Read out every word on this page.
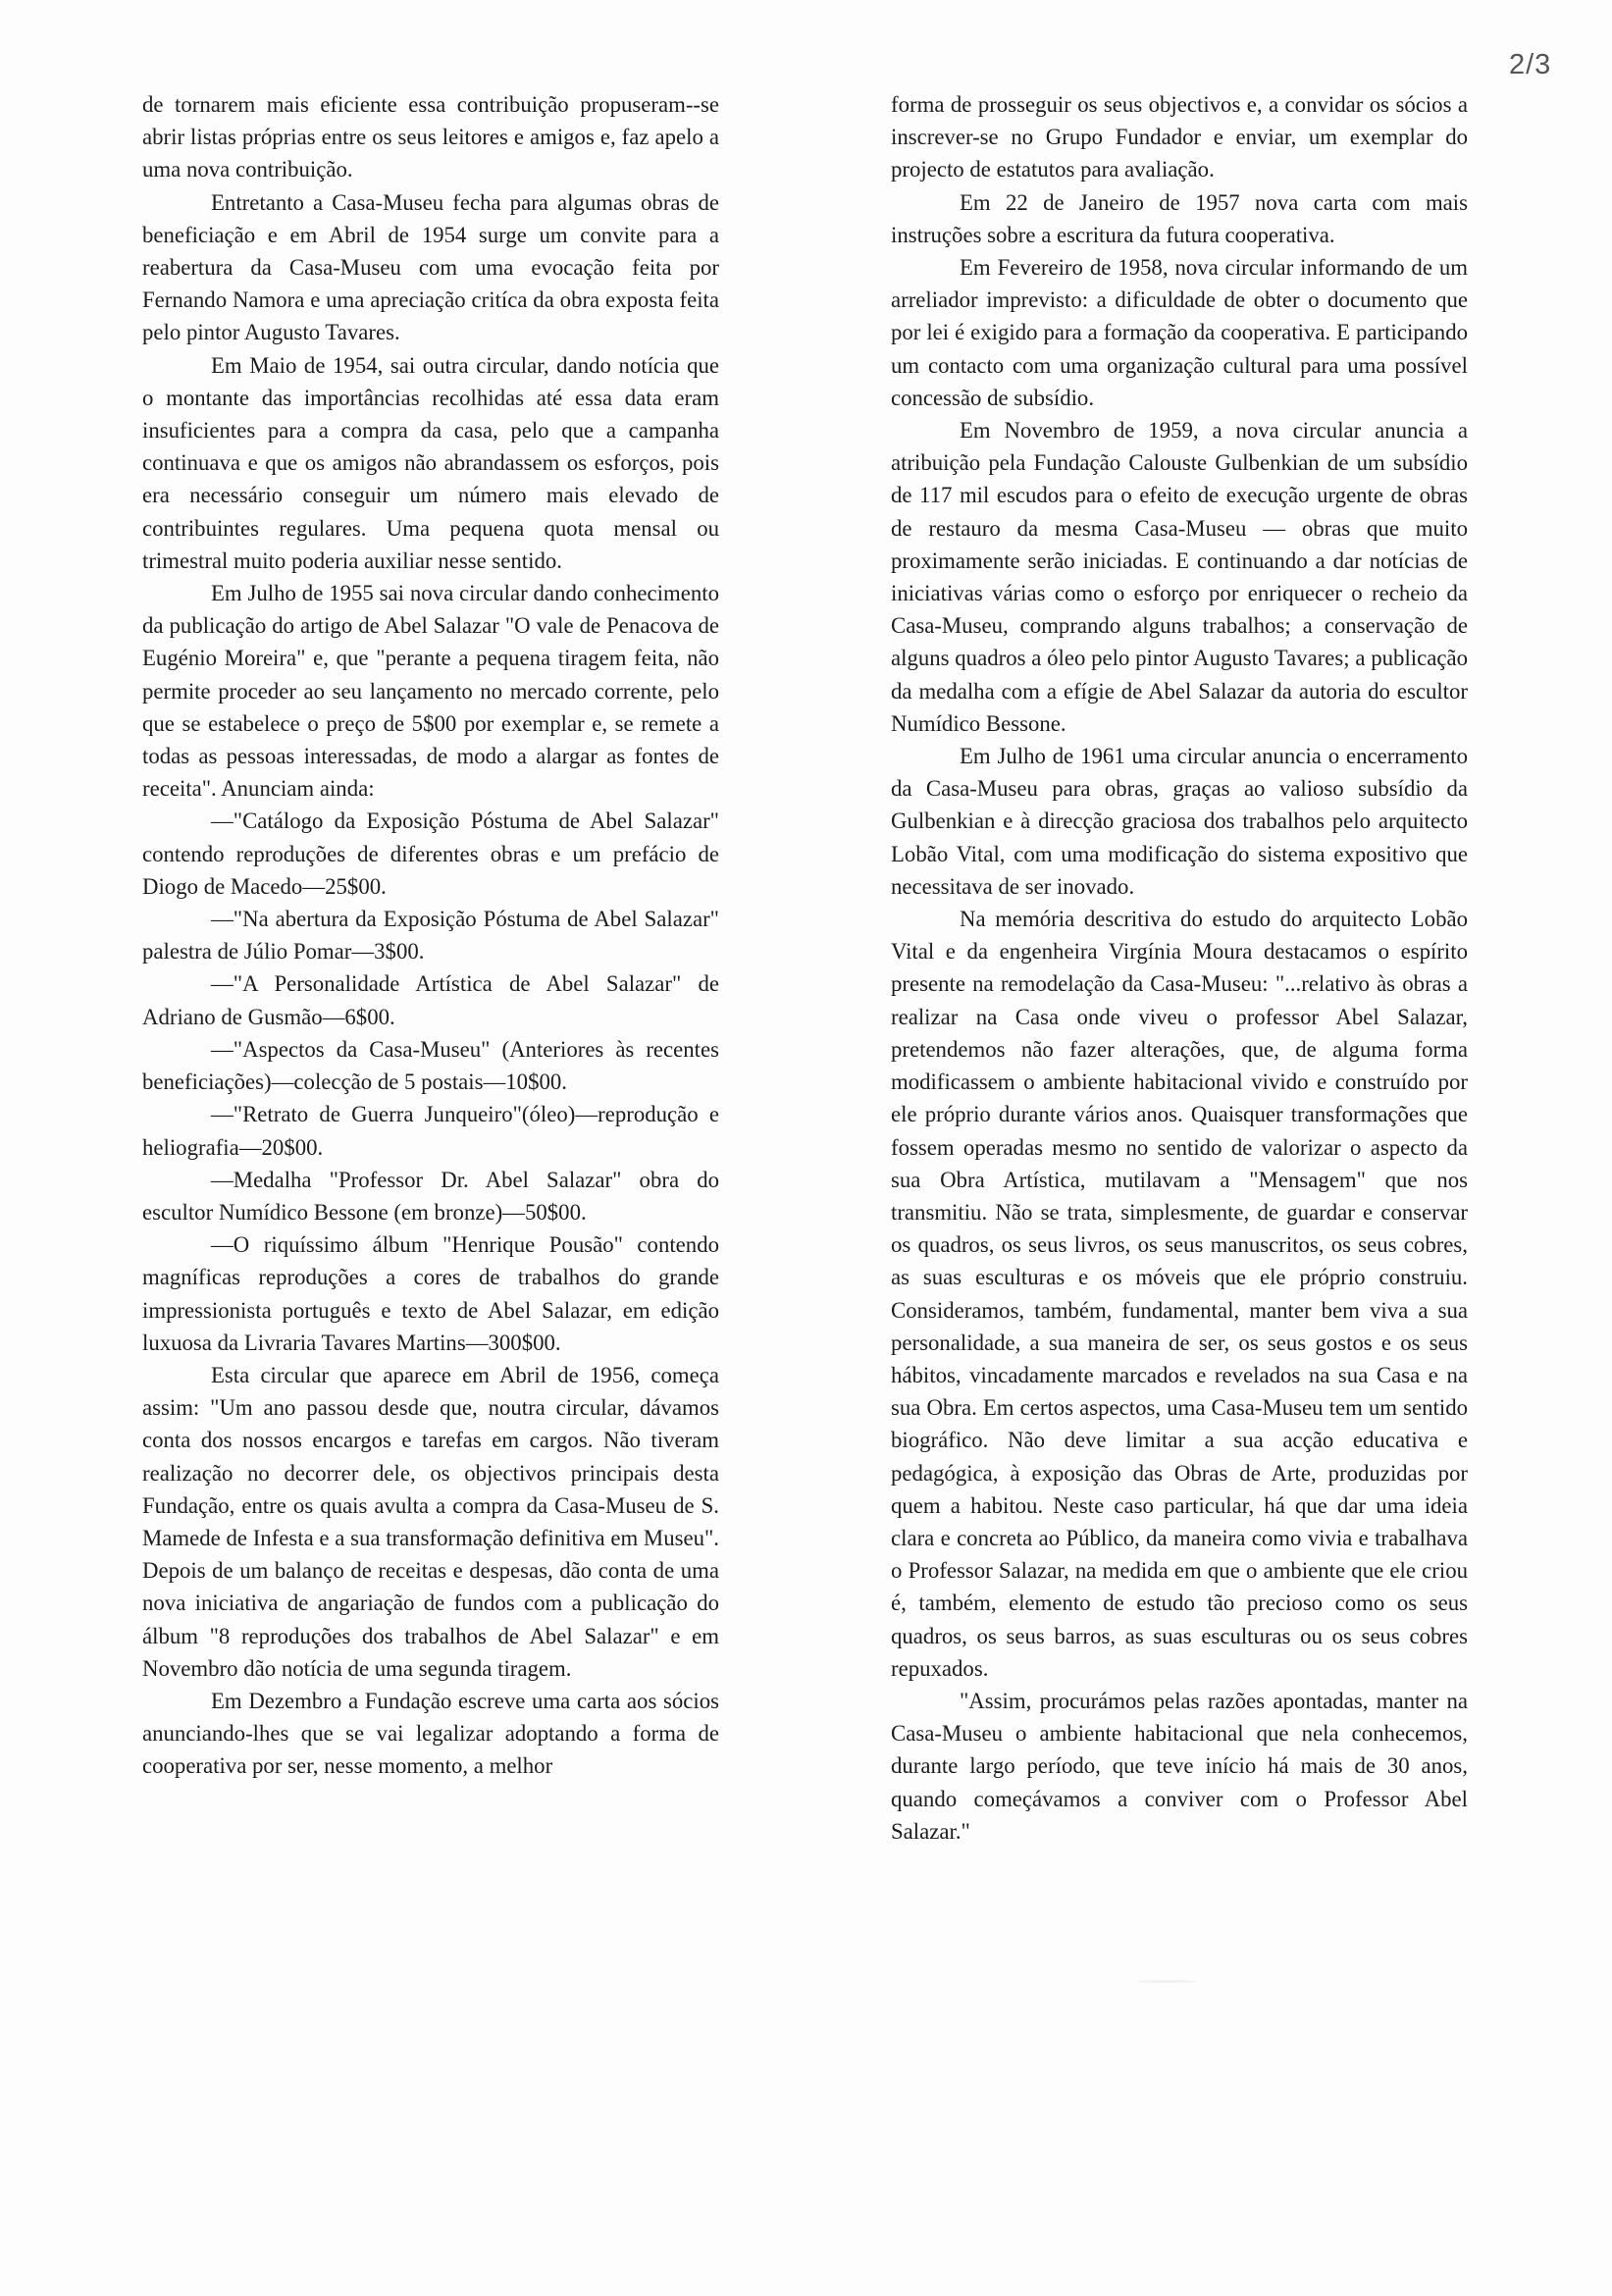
2/3

de tornarem mais eficiente essa contribuição propuseram--se abrir listas próprias entre os seus leitores e amigos e, faz apelo a uma nova contribuição.

Entretanto a Casa-Museu fecha para algumas obras de beneficiação e em Abril de 1954 surge um convite para a reabertura da Casa-Museu com uma evocação feita por Fernando Namora e uma apreciação critíca da obra exposta feita pelo pintor Augusto Tavares.

Em Maio de 1954, sai outra circular, dando notícia que o montante das importâncias recolhidas até essa data eram insuficientes para a compra da casa, pelo que a campanha continuava e que os amigos não abrandassem os esforços, pois era necessário conseguir um número mais elevado de contribuintes regulares. Uma pequena quota mensal ou trimestral muito poderia auxiliar nesse sentido.

Em Julho de 1955 sai nova circular dando conhecimento da publicação do artigo de Abel Salazar "O vale de Penacova de Eugénio Moreira" e, que "perante a pequena tiragem feita, não permite proceder ao seu lançamento no mercado corrente, pelo que se estabelece o preço de 5$00 por exemplar e, se remete a todas as pessoas interessadas, de modo a alargar as fontes de receita". Anunciam ainda:

—"Catálogo da Exposição Póstuma de Abel Salazar" contendo reproduções de diferentes obras e um prefácio de Diogo de Macedo—25$00.

—"Na abertura da Exposição Póstuma de Abel Salazar" palestra de Júlio Pomar—3$00.

—"A Personalidade Artística de Abel Salazar" de Adriano de Gusmão—6$00.

—"Aspectos da Casa-Museu" (Anteriores às recentes beneficiações)—colecção de 5 postais—10$00.

—"Retrato de Guerra Junqueiro"(óleo)—reprodução e heliografia—20$00.

—Medalha "Professor Dr. Abel Salazar" obra do escultor Numídico Bessone (em bronze)—50$00.

—O riquíssimo álbum "Henrique Pousão" contendo magníficas reproduções a cores de trabalhos do grande impressionista português e texto de Abel Salazar, em edição luxuosa da Livraria Tavares Martins—300$00.

Esta circular que aparece em Abril de 1956, começa assim: "Um ano passou desde que, noutra circular, dávamos conta dos nossos encargos e tarefas em cargos. Não tiveram realização no decorrer dele, os objectivos principais desta Fundação, entre os quais avulta a compra da Casa-Museu de S. Mamede de Infesta e a sua transformação definitiva em Museu". Depois de um balanço de receitas e despesas, dão conta de uma nova iniciativa de angariação de fundos com a publicação do álbum "8 reproduções dos trabalhos de Abel Salazar" e em Novembro dão notícia de uma segunda tiragem.

Em Dezembro a Fundação escreve uma carta aos sócios anunciando-lhes que se vai legalizar adoptando a forma de cooperativa por ser, nesse momento, a melhor

forma de prosseguir os seus objectivos e, a convidar os sócios a inscrever-se no Grupo Fundador e enviar, um exemplar do projecto de estatutos para avaliação.

Em 22 de Janeiro de 1957 nova carta com mais instruções sobre a escritura da futura cooperativa.

Em Fevereiro de 1958, nova circular informando de um arreliador imprevisto: a dificuldade de obter o documento que por lei é exigido para a formação da cooperativa. E participando um contacto com uma organização cultural para uma possível concessão de subsídio.

Em Novembro de 1959, a nova circular anuncia a atribuição pela Fundação Calouste Gulbenkian de um subsídio de 117 mil escudos para o efeito de execução urgente de obras de restauro da mesma Casa-Museu — obras que muito proximamente serão iniciadas. E continuando a dar notícias de iniciativas várias como o esforço por enriquecer o recheio da Casa-Museu, comprando alguns trabalhos; a conservação de alguns quadros a óleo pelo pintor Augusto Tavares; a publicação da medalha com a efígie de Abel Salazar da autoria do escultor Numídico Bessone.

Em Julho de 1961 uma circular anuncia o encerramento da Casa-Museu para obras, graças ao valioso subsídio da Gulbenkian e à direcção graciosa dos trabalhos pelo arquitecto Lobão Vital, com uma modificação do sistema expositivo que necessitava de ser inovado.

Na memória descritiva do estudo do arquitecto Lobão Vital e da engenheira Virgínia Moura destacamos o espírito presente na remodelação da Casa-Museu: "...relativo às obras a realizar na Casa onde viveu o professor Abel Salazar, pretendemos não fazer alterações, que, de alguma forma modificassem o ambiente habitacional vivido e construído por ele próprio durante vários anos. Quaisquer transformações que fossem operadas mesmo no sentido de valorizar o aspecto da sua Obra Artística, mutilavam a "Mensagem" que nos transmitiu. Não se trata, simplesmente, de guardar e conservar os quadros, os seus livros, os seus manuscritos, os seus cobres, as suas esculturas e os móveis que ele próprio construiu. Consideramos, também, fundamental, manter bem viva a sua personalidade, a sua maneira de ser, os seus gostos e os seus hábitos, vincadamente marcados e revelados na sua Casa e na sua Obra. Em certos aspectos, uma Casa-Museu tem um sentido biográfico. Não deve limitar a sua acção educativa e pedagógica, à exposição das Obras de Arte, produzidas por quem a habitou. Neste caso particular, há que dar uma ideia clara e concreta ao Público, da maneira como vivia e trabalhava o Professor Salazar, na medida em que o ambiente que ele criou é, também, elemento de estudo tão precioso como os seus quadros, os seus barros, as suas esculturas ou os seus cobres repuxados.

"Assim, procurámos pelas razões apontadas, manter na Casa-Museu o ambiente habitacional que nela conhecemos, durante largo período, que teve início há mais de 30 anos, quando começávamos a conviver com o Professor Abel Salazar."
